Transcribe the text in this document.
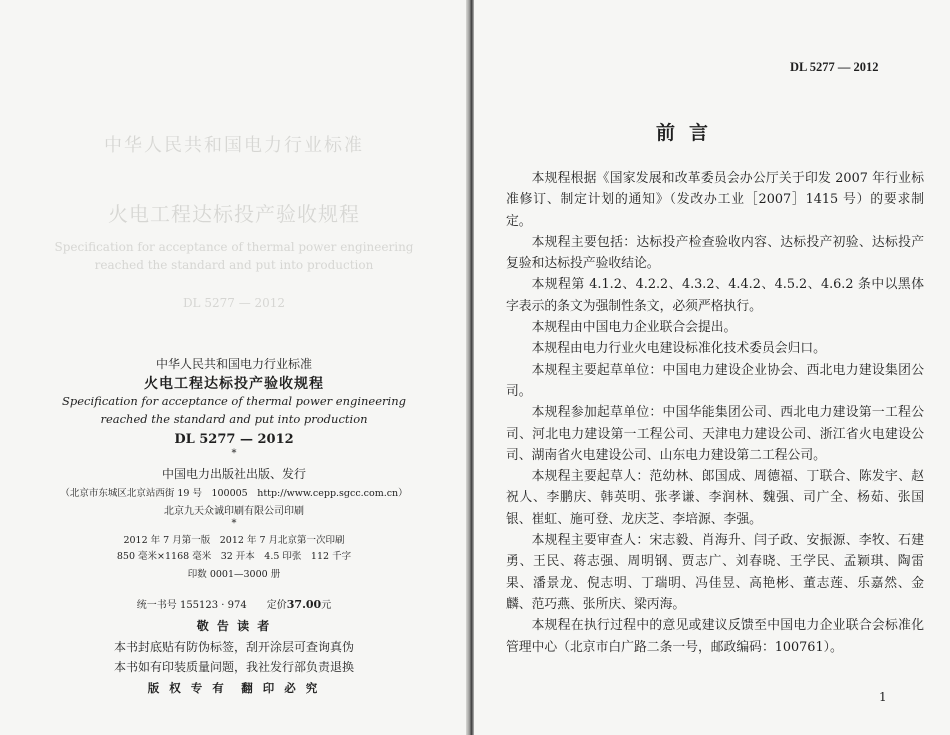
中华人民共和国电力行业标准
火电工程达标投产验收规程
Specification for acceptance of thermal power engineering
reached the standard and put into production
DL 5277 — 2012
中华人民共和国电力行业标准
火电工程达标投产验收规程
Specification for acceptance of thermal power engineering
reached the standard and put into production
DL 5277 — 2012
*
中国电力出版社出版、发行
（北京市东城区北京站西街 19 号　100005　http://www.cepp.sgcc.com.cn）
北京九天众诚印刷有限公司印刷
*
2012 年 7 月第一版　2012 年 7 月北京第一次印刷
850 毫米×1168 毫米　32 开本　4.5 印张　112 千字
印数 0001—3000 册
统一书号 155123 · 974　　 定价37.00元
敬 告 读 者
本书封底贴有防伪标签，刮开涂层可查询真伪
本书如有印装质量问题，我社发行部负责退换
版 权 专 有　翻 印 必 究
DL 5277 — 2012
前言

本规程根据《国家发展和改革委员会办公厅关于印发 2007 年行业标准修订、制定计划的通知》（发改办工业［2007］1415 号）的要求制定。

本规程主要包括：达标投产检查验收内容、达标投产初验、达标投产复验和达标投产验收结论。

本规程第 4.1.2、4.2.2、4.3.2、4.4.2、4.5.2、4.6.2 条中以黑体字表示的条文为强制性条文，必须严格执行。

本规程由中国电力企业联合会提出。

本规程由电力行业火电建设标准化技术委员会归口。

本规程主要起草单位：中国电力建设企业协会、西北电力建设集团公司。

本规程参加起草单位：中国华能集团公司、西北电力建设第一工程公司、河北电力建设第一工程公司、天津电力建设公司、浙江省火电建设公司、湖南省火电建设公司、山东电力建设第二工程公司。

本规程主要起草人：范幼林、郎国成、周德福、丁联合、陈发宇、赵祝人、李鹏庆、韩英明、张孝谦、李润林、魏强、司广全、杨茹、张国银、崔虹、施可登、龙庆芝、李培源、李强。

本规程主要审查人：宋志毅、肖海升、闫子政、安振源、李牧、石建勇、王民、蒋志强、周明钢、贾志广、刘春晓、王学民、孟颖琪、陶雷果、潘景龙、倪志明、丁瑞明、冯佳昱、高艳彬、董志莲、乐嘉然、金麟、范巧燕、张所庆、梁丙海。

本规程在执行过程中的意见或建议反馈至中国电力企业联合会标准化管理中心（北京市白广路二条一号，邮政编码：100761）。

1
